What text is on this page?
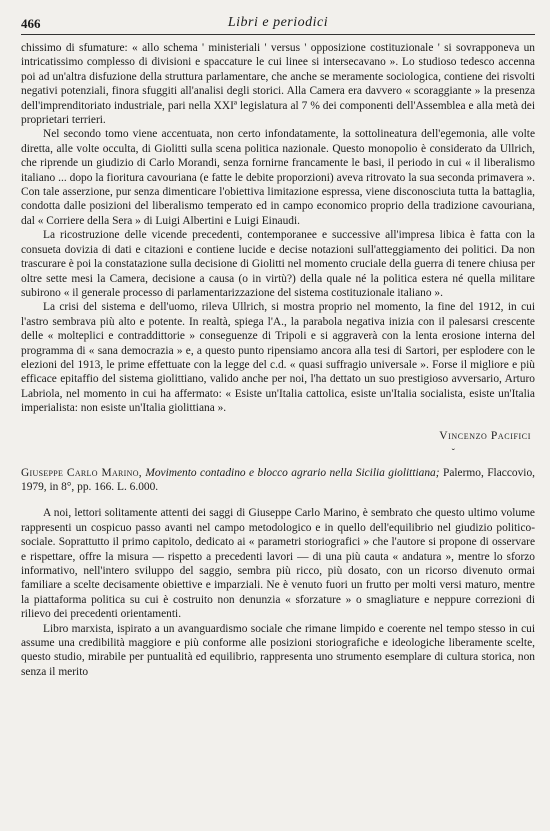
466	Libri e periodici

chissimo di sfumature: « allo schema ' ministeriali ' versus ' opposizione costituzionale ' si sovrapponeva un intricatissimo complesso di divisioni e spaccature le cui linee si intersecavano ». Lo studioso tedesco accenna poi ad un'altra disfuzione della struttura parlamentare, che anche se meramente sociologica, contiene dei risvolti negativi potenziali, finora sfuggiti all'analisi degli storici. Alla Camera era davvero « scoraggiante » la presenza dell'imprenditoriato industriale, pari nella XXIª legislatura al 7 % dei componenti dell'Assemblea e alla metà dei proprietari terrieri.

Nel secondo tomo viene accentuata, non certo infondatamente, la sottolineatura dell'egemonia, alle volte diretta, alle volte occulta, di Giolitti sulla scena politica nazionale. Questo monopolio è considerato da Ullrich, che riprende un giudizio di Carlo Morandi, senza fornirne francamente le basi, il periodo in cui « il liberalismo italiano ... dopo la fioritura cavouriana (e fatte le debite proporzioni) aveva ritrovato la sua seconda primavera ». Con tale asserzione, pur senza dimenticare l'obiettiva limitazione espressa, viene disconosciuta tutta la battaglia, condotta dalle posizioni del liberalismo temperato ed in campo economico proprio della tradizione cavouriana, dal « Corriere della Sera » di Luigi Albertini e Luigi Einaudi.

La ricostruzione delle vicende precedenti, contemporanee e successive all'impresa libica è fatta con la consueta dovizia di dati e citazioni e contiene lucide e decise notazioni sull'atteggiamento dei politici. Da non trascurare è poi la constatazione sulla decisione di Giolitti nel momento cruciale della guerra di tenere chiusa per oltre sette mesi la Camera, decisione a causa (o in virtù?) della quale né la politica estera né quella militare subirono « il generale processo di parlamentarizzazione del sistema costituzionale italiano ».

La crisi del sistema e dell'uomo, rileva Ullrich, si mostra proprio nel momento, la fine del 1912, in cui l'astro sembrava più alto e potente. In realtà, spiega l'A., la parabola negativa inizia con il palesarsi crescente delle « molteplici e contraddittorie » conseguenze di Tripoli e si aggraverà con la lenta erosione interna del programma di « sana democrazia » e, a questo punto ripensiamo ancora alla tesi di Sartori, per esplodere con le elezioni del 1913, le prime effettuate con la legge del c.d. « quasi suffragio universale ». Forse il migliore e più efficace epitaffio del sistema giolittiano, valido anche per noi, l'ha dettato un suo prestigioso avversario, Arturo Labriola, nel momento in cui ha affermato: « Esiste un'Italia cattolica, esiste un'Italia socialista, esiste un'Italia imperialista: non esiste un'Italia giolittiana ».

Vincenzo Pacifici
ˇ
Giuseppe Carlo Marino, Movimento contadino e blocco agrario nella Sicilia giolittiana; Palermo, Flaccovio, 1979, in 8°, pp. 166. L. 6.000.

A noi, lettori solitamente attenti dei saggi di Giuseppe Carlo Marino, è sembrato che questo ultimo volume rappresenti un cospicuo passo avanti nel campo metodologico e in quello dell'equilibrio nel giudizio politico-sociale. Soprattutto il primo capitolo, dedicato ai « parametri storiografici » che l'autore si propone di osservare e rispettare, offre la misura — rispetto a precedenti lavori — di una più cauta « andatura », mentre lo sforzo informativo, nell'intero sviluppo del saggio, sembra più ricco, più dosato, con un ricorso divenuto ormai familiare a scelte decisamente obiettive e imparziali. Ne è venuto fuori un frutto per molti versi maturo, mentre la piattaforma politica su cui è costruito non denunzia « sforzature » o smagliature e neppure correzioni di rilievo dei precedenti orientamenti.

Libro marxista, ispirato a un avanguardismo sociale che rimane limpido e coerente nel tempo stesso in cui assume una credibilità maggiore e più conforme alle posizioni storiografiche e ideologiche liberamente scelte, questo studio, mirabile per puntualità ed equilibrio, rappresenta uno strumento esemplare di cultura storica, non senza il merito
